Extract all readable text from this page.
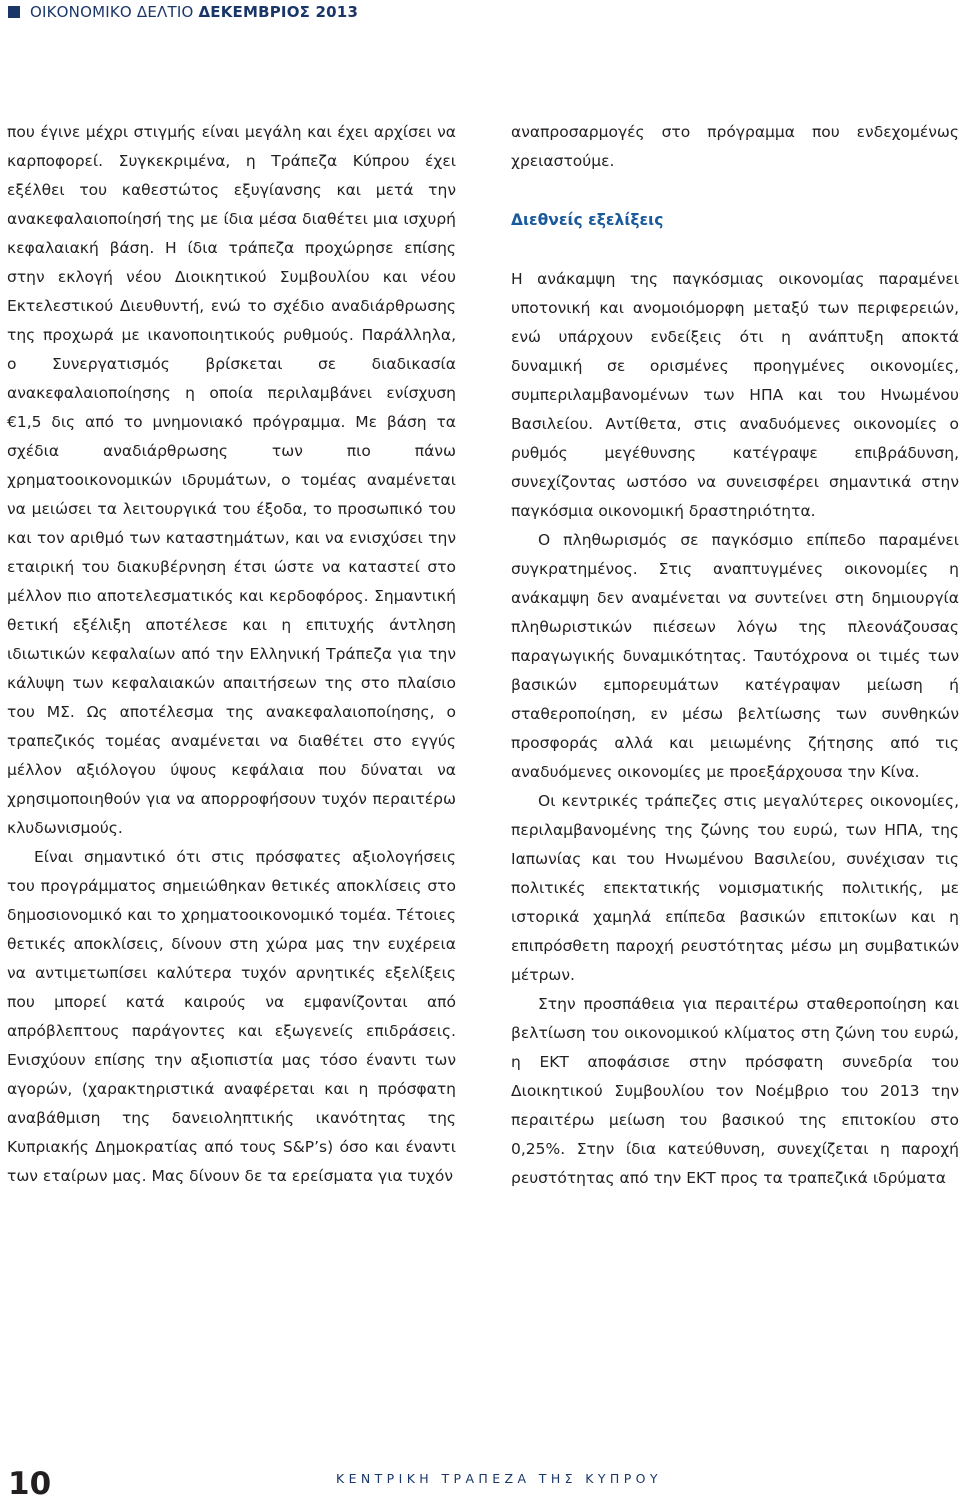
ΟΙΚΟΝΟΜΙΚΟ ΔΕΛΤΙΟ ΔΕΚΕΜΒΡΙΟΣ 2013

που έγινε μέχρι στιγμής είναι μεγάλη και έχει αρχίσει να καρποφορεί. Συγκεκριμένα, η Τράπεζα Κύπρου έχει εξέλθει του καθεστώτος εξυγίανσης και μετά την ανακεφαλαιοποίησή της με ίδια μέσα διαθέτει μια ισχυρή κεφαλαιακή βάση. Η ίδια τράπεζα προχώρησε επίσης στην εκλογή νέου Διοικητικού Συμβουλίου και νέου Εκτελεστικού Διευθυντή, ενώ το σχέδιο αναδιάρθρωσης της προχωρά με ικανοποιητικούς ρυθμούς. Παράλληλα, ο Συνεργατισμός βρίσκεται σε διαδικασία ανακεφαλαιοποίησης η οποία περιλαμβάνει ενίσχυση €1,5 δις από το μνημονιακό πρόγραμμα. Με βάση τα σχέδια αναδιάρθρωσης των πιο πάνω χρηματοοικονομικών ιδρυμάτων, ο τομέας αναμένεται να μειώσει τα λειτουργικά του έξοδα, το προσωπικό του και τον αριθμό των καταστημάτων, και να ενισχύσει την εταιρική του διακυβέρνηση έτσι ώστε να καταστεί στο μέλλον πιο αποτελεσματικός και κερδοφόρος. Σημαντική θετική εξέλιξη αποτέλεσε και η επιτυχής άντληση ιδιωτικών κεφαλαίων από την Ελληνική Τράπεζα για την κάλυψη των κεφαλαιακών απαιτήσεων της στο πλαίσιο του ΜΣ. Ως αποτέλεσμα της ανακεφαλαιοποίησης, ο τραπεζικός τομέας αναμένεται να διαθέτει στο εγγύς μέλλον αξιόλογου ύψους κεφάλαια που δύναται να χρησιμοποιηθούν για να απορροφήσουν τυχόν περαιτέρω κλυδωνισμούς.

Είναι σημαντικό ότι στις πρόσφατες αξιολογήσεις του προγράμματος σημειώθηκαν θετικές αποκλίσεις στο δημοσιονομικό και το χρηματοοικονομικό τομέα. Τέτοιες θετικές αποκλίσεις, δίνουν στη χώρα μας την ευχέρεια να αντιμετωπίσει καλύτερα τυχόν αρνητικές εξελίξεις που μπορεί κατά καιρούς να εμφανίζονται από απρόβλεπτους παράγοντες και εξωγενείς επιδράσεις. Ενισχύουν επίσης την αξιοπιστία μας τόσο έναντι των αγορών, (χαρακτηριστικά αναφέρεται και η πρόσφατη αναβάθμιση της δανειοληπτικής ικανότητας της Κυπριακής Δημοκρατίας από τους S&P’s) όσο και έναντι των εταίρων μας. Μας δίνουν δε τα ερείσματα για τυχόν

αναπροσαρμογές στο πρόγραμμα που ενδεχομένως χρειαστούμε.

Διεθνείς εξελίξεις

Η ανάκαμψη της παγκόσμιας οικονομίας παραμένει υποτονική και ανομοιόμορφη μεταξύ των περιφερειών, ενώ υπάρχουν ενδείξεις ότι η ανάπτυξη αποκτά δυναμική σε ορισμένες προηγμένες οικονομίες, συμπεριλαμβανομένων των ΗΠΑ και του Ηνωμένου Βασιλείου. Αντίθετα, στις αναδυόμενες οικονομίες ο ρυθμός μεγέθυνσης κατέγραψε επιβράδυνση, συνεχίζοντας ωστόσο να συνεισφέρει σημαντικά στην παγκόσμια οικονομική δραστηριότητα.

Ο πληθωρισμός σε παγκόσμιο επίπεδο παραμένει συγκρατημένος. Στις αναπτυγμένες οικονομίες η ανάκαμψη δεν αναμένεται να συντείνει στη δημιουργία πληθωριστικών πιέσεων λόγω της πλεονάζουσας παραγωγικής δυναμικότητας. Ταυτόχρονα οι τιμές των βασικών εμπορευμάτων κατέγραψαν μείωση ή σταθεροποίηση, εν μέσω βελτίωσης των συνθηκών προσφοράς αλλά και μειωμένης ζήτησης από τις αναδυόμενες οικονομίες με προεξάρχουσα την Κίνα.

Οι κεντρικές τράπεζες στις μεγαλύτερες οικονομίες, περιλαμβανομένης της ζώνης του ευρώ, των ΗΠΑ, της Ιαπωνίας και του Ηνωμένου Βασιλείου, συνέχισαν τις πολιτικές επεκτατικής νομισματικής πολιτικής, με ιστορικά χαμηλά επίπεδα βασικών επιτοκίων και η επιπρόσθετη παροχή ρευστότητας μέσω μη συμβατικών μέτρων.

Στην προσπάθεια για περαιτέρω σταθεροποίηση και βελτίωση του οικονομικού κλίματος στη ζώνη του ευρώ, η ΕΚΤ αποφάσισε στην πρόσφατη συνεδρία του Διοικητικού Συμβουλίου τον Νοέμβριο του 2013 την περαιτέρω μείωση του βασικού της επιτοκίου στο 0,25%. Στην ίδια κατεύθυνση, συνεχίζεται η παροχή ρευστότητας από την ΕΚΤ προς τα τραπεζικά ιδρύματα

10	ΚΕΝΤΡΙΚΗ ΤΡΑΠΕΖΑ ΤΗΣ ΚΥΠΡΟΥ
